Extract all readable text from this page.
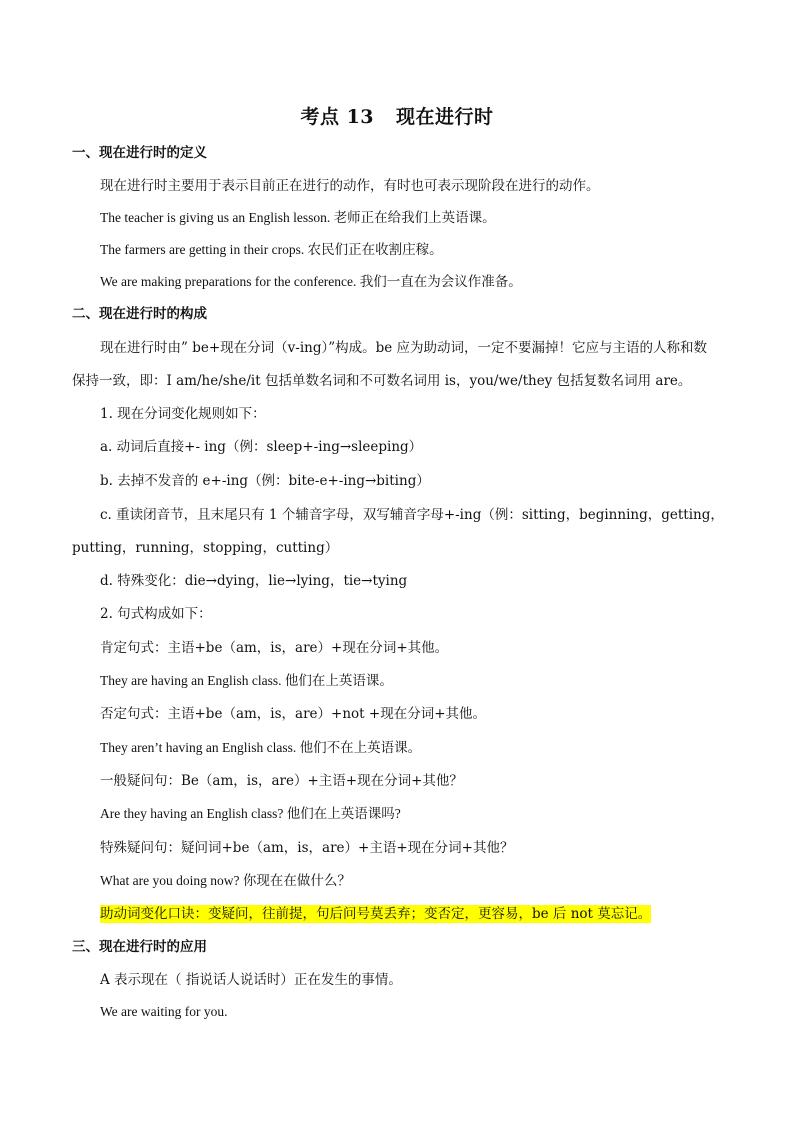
考点 13 现在进行时
一、现在进行时的定义
现在进行时主要用于表示目前正在进行的动作，有时也可表示现阶段在进行的动作。
The teacher is giving us an English lesson. 老师正在给我们上英语课。
The farmers are getting in their crops. 农民们正在收割庄稼。
We are making preparations for the conference. 我们一直在为会议作准备。
二、现在进行时的构成
现在进行时由” be+现在分词（v-ing）”构成。be 应为助动词，一定不要漏掉！它应与主语的人称和数
保持一致，即：I am/he/she/it 包括单数名词和不可数名词用 is，you/we/they 包括复数名词用 are。
1. 现在分词变化规则如下：
a. 动词后直接+- ing（例：sleep+-ing→sleeping）
b. 去掉不发音的 e+-ing（例：bite-e+-ing→biting）
c. 重读闭音节，且末尾只有 1 个辅音字母，双写辅音字母+-ing（例：sitting，beginning，getting，
putting，running，stopping，cutting）
d. 特殊变化：die→dying，lie→lying，tie→tying
2. 句式构成如下：
肯定句式：主语+be（am，is，are）+现在分词+其他。
They are having an English class. 他们在上英语课。
否定句式：主语+be（am，is，are）+not +现在分词+其他。
They aren’t having an English class. 他们不在上英语课。
一般疑问句：Be（am，is，are）+主语+现在分词+其他？
Are they having an English class? 他们在上英语课吗?
特殊疑问句：疑问词+be（am，is，are）+主语+现在分词+其他？
What are you doing now? 你现在在做什么？
助动词变化口诀：变疑问，往前提，句后问号莫丢弃；变否定，更容易，be 后 not 莫忘记。
三、现在进行时的应用
A 表示现在（ 指说话人说话时）正在发生的事情。
We are waiting for you.
